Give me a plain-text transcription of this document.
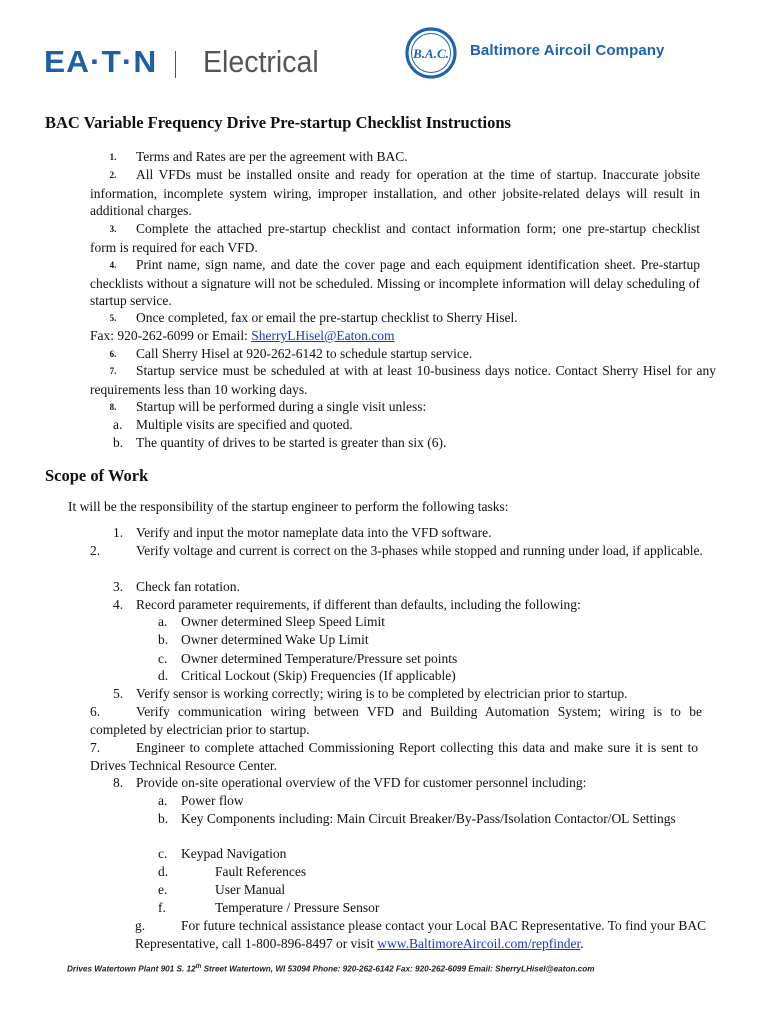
EA·T·N Electrical	B.A.C. Baltimore Aircoil Company
BAC Variable Frequency Drive Pre-startup Checklist Instructions
1. Terms and Rates are per the agreement with BAC.
2. All VFDs must be installed onsite and ready for operation at the time of startup. Inaccurate jobsite information, incomplete system wiring, improper installation, and other jobsite-related delays will result in additional charges.
3. Complete the attached pre-startup checklist and contact information form; one pre-startup checklist form is required for each VFD.
4. Print name, sign name, and date the cover page and each equipment identification sheet. Pre-startup checklists without a signature will not be scheduled. Missing or incomplete information will delay scheduling of startup service.
5. Once completed, fax or email the pre-startup checklist to Sherry Hisel.
Fax: 920-262-6099 or Email: SherryLHisel@Eaton.com
6. Call Sherry Hisel at 920-262-6142 to schedule startup service.
7. Startup service must be scheduled at with at least 10-business days notice. Contact Sherry Hisel for any requirements less than 10 working days.
8. Startup will be performed during a single visit unless:
a. Multiple visits are specified and quoted.
b. The quantity of drives to be started is greater than six (6).
Scope of Work
It will be the responsibility of the startup engineer to perform the following tasks:
1. Verify and input the motor nameplate data into the VFD software.
2.	Verify voltage and current is correct on the 3-phases while stopped and running under load, if applicable.
3. Check fan rotation.
4. Record parameter requirements, if different than defaults, including the following:
a. Owner determined Sleep Speed Limit
b. Owner determined Wake Up Limit
c. Owner determined Temperature/Pressure set points
d. Critical Lockout (Skip) Frequencies (If applicable)
5. Verify sensor is working correctly; wiring is to be completed by electrician prior to startup.
6.	Verify communication wiring between VFD and Building Automation System; wiring is to be completed by electrician prior to startup.
7.	Engineer to complete attached Commissioning Report collecting this data and make sure it is sent to Drives Technical Resource Center.
8. Provide on-site operational overview of the VFD for customer personnel including:
a. Power flow
b. Key Components including: Main Circuit Breaker/By-Pass/Isolation Contactor/OL Settings
c. Keypad Navigation
d.	Fault References
e.	User Manual
f.	Temperature / Pressure Sensor
g.	For future technical assistance please contact your Local BAC Representative. To find your BAC Representative, call 1-800-896-8497 or visit www.BaltimoreAircoil.com/repfinder.
Drives Watertown Plant 901 S. 12th Street Watertown, WI 53094 Phone: 920-262-6142 Fax: 920-262-6099 Email: SherryLHisel@eaton.com
